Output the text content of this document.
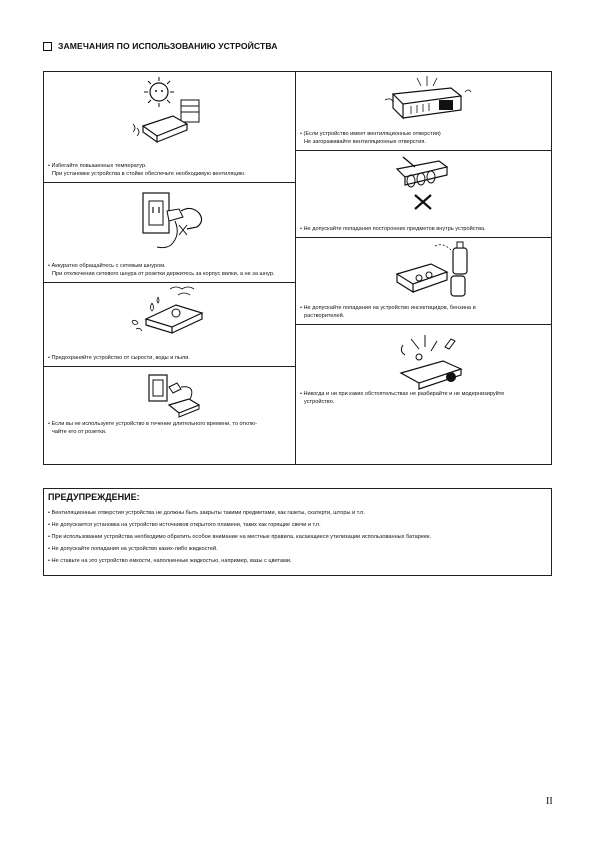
ЗАМЕЧАНИЯ ПО ИСПОЛЬЗОВАНИЮ УСТРОЙСТВА
• Избегайте повышенных температур.
При установке устройства в стойке обеспечьте необходимую вентиляцию.
• Аккуратно обращайтесь с сетевым шнуром.
При отключении сетевого шнура от розетки держитесь за корпус вилки, а не за шнур.
• Предохраняйте устройство от сырости, воды и пыли.
• Если вы не используете устройство в течение длительного времени, то отклю-
чайте его от розетки.
• (Если устройство имеет вентиляционные отверстия)
Не загораживайте вентиляционные отверстия.
• Не допускайте попадания посторонних предметов внутрь устройства.
• Не допускайте попадания на устройство инсектицидов, бензина и
растворителей.
• Никогда и ни при каких обстоятельствах не разбирайте и не модернизируйте
устройство.
ПРЕДУПРЕЖДЕНИЕ:
• Вентиляционные отверстия устройства не должны быть закрыты такими предметами, как газеты, скатерти, шторы и т.п.
• Не допускается установка на устройство источников открытого пламени, таких как горящие свечи и т.п.
• При использовании устройства необходимо обратить особое внимание на местные правила, касающиеся утилизации использованных батареек.
• Не допускайте попадания на устройство каких-либо жидкостей.
• Не ставьте на это устройство емкости, наполненные жидкостью, например, вазы с цветами.
II
